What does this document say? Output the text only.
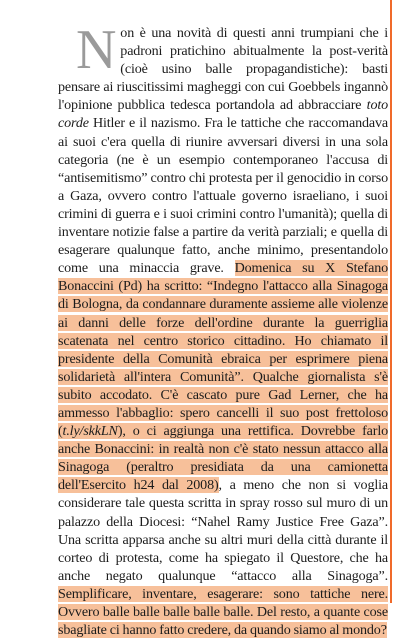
Non è una novità di questi anni trumpiani che i padroni pratichino abitualmente la post-verità (cioè usino balle propagandistiche): basti pensare ai riuscitissimi magheggi con cui Goebbels ingannò l'opinione pubblica tedesca portandola ad abbracciare toto corde Hitler e il nazismo. Fra le tattiche che raccomandava ai suoi c'era quella di riunire avversari diversi in una sola categoria (ne è un esempio contemporaneo l'accusa di “antisemitismo” contro chi protesta per il genocidio in corso a Gaza, ovvero contro l'attuale governo israeliano, i suoi crimini di guerra e i suoi crimini contro l'umanità); quella di inventare notizie false a partire da verità parziali; e quella di esagerare qualunque fatto, anche minimo, presentandolo come una minaccia grave. Domenica su X Stefano Bonaccini (Pd) ha scritto: “Indegno l'attacco alla Sinagoga di Bologna, da condannare duramente assieme alle violenze ai danni delle forze dell'ordine durante la guerriglia scatenata nel centro storico cittadino. Ho chiamato il presidente della Comunità ebraica per esprimere piena solidarietà all'intera Comunità”. Qualche giornalista s'è subito accodato. C'è cascato pure Gad Lerner, che ha ammesso l'abbaglio: spero cancelli il suo post frettoloso (t.ly/skkLN), o ci aggiunga una rettifica. Dovrebbe farlo anche Bonaccini: in realtà non c'è stato nessun attacco alla Sinagoga (peraltro presidiata da una camionetta dell'Esercito h24 dal 2008), a meno che non si voglia considerare tale questa scritta in spray rosso sul muro di un palazzo della Diocesi: “Nahel Ramy Justice Free Gaza”. Una scritta apparsa anche su altri muri della città durante il corteo di protesta, come ha spiegato il Questore, che ha anche negato qualunque “attacco alla Sinagoga”. Semplificare, inventare, esagerare: sono tattiche nere. Ovvero balle balle balle balle balle. Del resto, a quante cose sbagliate ci hanno fatto credere, da quando siamo al mondo?
